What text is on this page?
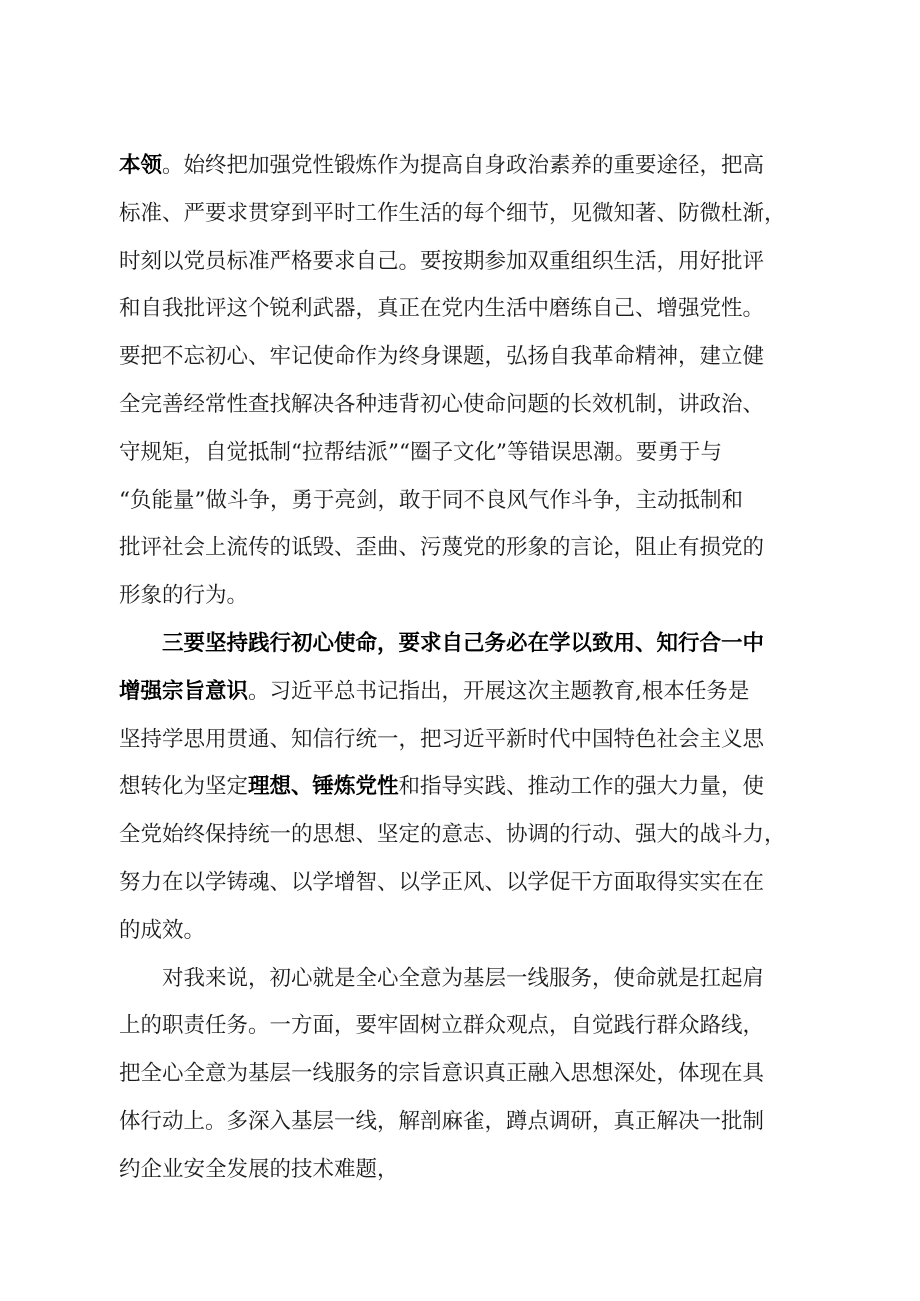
本领。始终把加强党性锻炼作为提高自身政治素养的重要途径，把高
标准、严要求贯穿到平时工作生活的每个细节，见微知著、防微杜渐，
时刻以党员标准严格要求自己。要按期参加双重组织生活，用好批评
和自我批评这个锐利武器，真正在党内生活中磨练自己、增强党性。
要把不忘初心、牢记使命作为终身课题，弘扬自我革命精神，建立健
全完善经常性查找解决各种违背初心使命问题的长效机制，讲政治、
守规矩，自觉抵制“拉帮结派”“圈子文化”等错误思潮。要勇于与
“负能量”做斗争，勇于亮剑，敢于同不良风气作斗争，主动抵制和
批评社会上流传的诋毁、歪曲、污蔑党的形象的言论，阻止有损党的
形象的行为。
三要坚持践行初心使命，要求自己务必在学以致用、知行合一中
增强宗旨意识。习近平总书记指出，开展这次主题教育,根本任务是
坚持学思用贯通、知信行统一，把习近平新时代中国特色社会主义思
想转化为坚定理想、锤炼党性和指导实践、推动工作的强大力量，使
全党始终保持统一的思想、坚定的意志、协调的行动、强大的战斗力，
努力在以学铸魂、以学增智、以学正风、以学促干方面取得实实在在
的成效。
对我来说，初心就是全心全意为基层一线服务，使命就是扛起肩
上的职责任务。一方面，要牢固树立群众观点，自觉践行群众路线，
把全心全意为基层一线服务的宗旨意识真正融入思想深处，体现在具
体行动上。多深入基层一线，解剖麻雀，蹲点调研，真正解决一批制
约企业安全发展的技术难题，
